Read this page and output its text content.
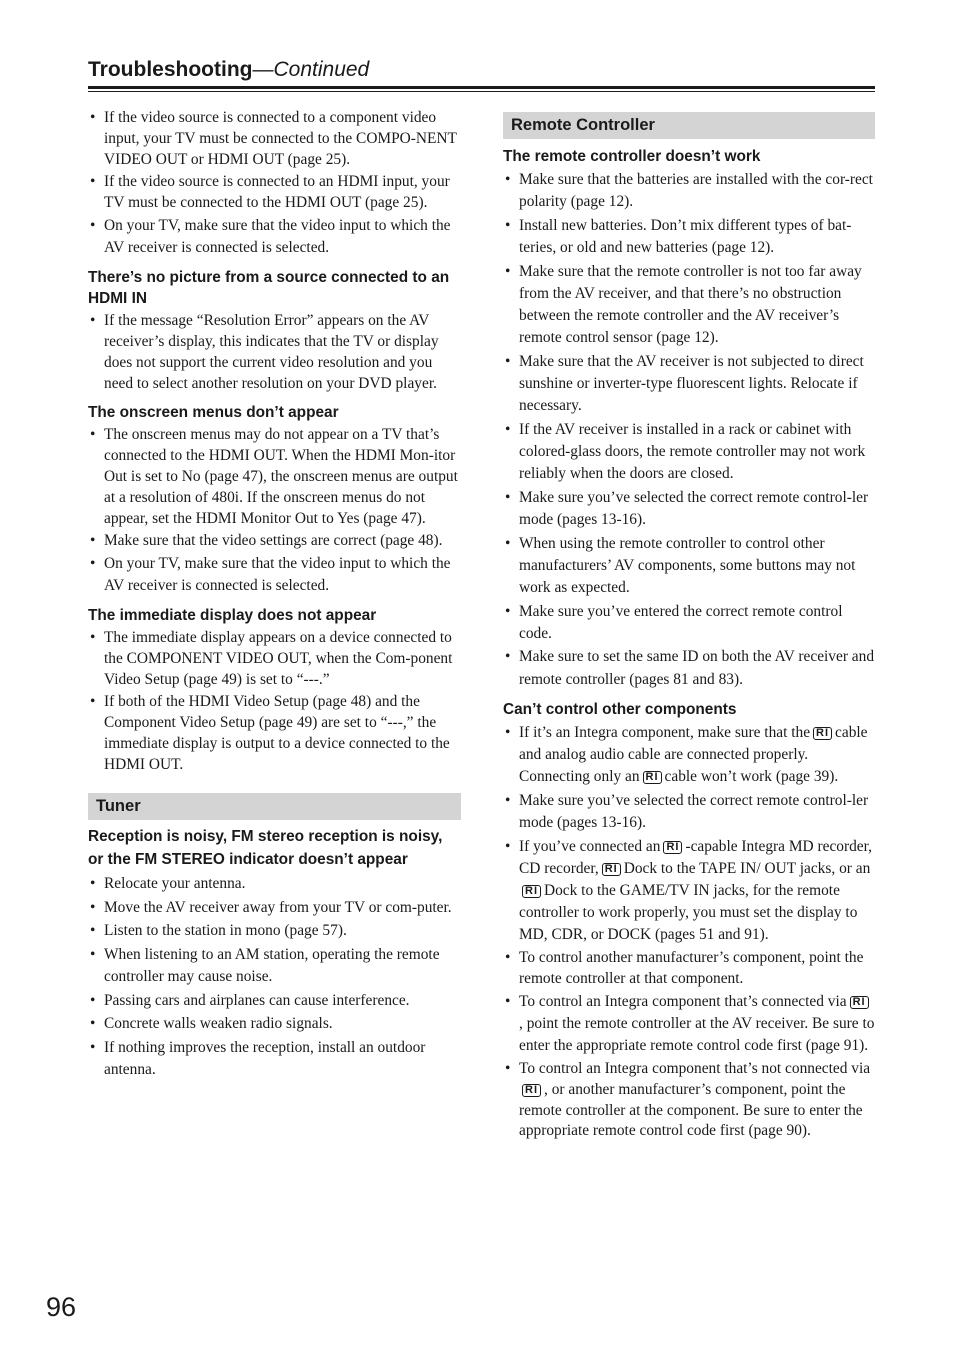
Troubleshooting—Continued
• If the video source is connected to a component video input, your TV must be connected to the COMPO-NENT VIDEO OUT or HDMI OUT (page 25).
• If the video source is connected to an HDMI input, your TV must be connected to the HDMI OUT (page 25).
• On your TV, make sure that the video input to which the AV receiver is connected is selected.
There’s no picture from a source connected to an HDMI IN
• If the message “Resolution Error” appears on the AV receiver’s display, this indicates that the TV or display does not support the current video resolution and you need to select another resolution on your DVD player.
The onscreen menus don’t appear
• The onscreen menus may do not appear on a TV that’s connected to the HDMI OUT. When the HDMI Mon-itor Out is set to No (page 47), the onscreen menus are output at a resolution of 480i. If the onscreen menus do not appear, set the HDMI Monitor Out to Yes (page 47).
• Make sure that the video settings are correct (page 48).
• On your TV, make sure that the video input to which the AV receiver is connected is selected.
The immediate display does not appear
• The immediate display appears on a device connected to the COMPONENT VIDEO OUT, when the Com-ponent Video Setup (page 49) is set to “---.”
• If both of the HDMI Video Setup (page 48) and the Component Video Setup (page 49) are set to “---,” the immediate display is output to a device connected to the HDMI OUT.
Tuner
Reception is noisy, FM stereo reception is noisy, or the FM STEREO indicator doesn’t appear
• Relocate your antenna.
• Move the AV receiver away from your TV or com-puter.
• Listen to the station in mono (page 57).
• When listening to an AM station, operating the remote controller may cause noise.
• Passing cars and airplanes can cause interference.
• Concrete walls weaken radio signals.
• If nothing improves the reception, install an outdoor antenna.
Remote Controller
The remote controller doesn’t work
• Make sure that the batteries are installed with the cor-rect polarity (page 12).
• Install new batteries. Don’t mix different types of bat-teries, or old and new batteries (page 12).
• Make sure that the remote controller is not too far away from the AV receiver, and that there’s no obstruction between the remote controller and the AV receiver’s remote control sensor (page 12).
• Make sure that the AV receiver is not subjected to direct sunshine or inverter-type fluorescent lights. Relocate if necessary.
• If the AV receiver is installed in a rack or cabinet with colored-glass doors, the remote controller may not work reliably when the doors are closed.
• Make sure you’ve selected the correct remote control-ler mode (pages 13-16).
• When using the remote controller to control other manufacturers’ AV components, some buttons may not work as expected.
• Make sure you’ve entered the correct remote control code.
• Make sure to set the same ID on both the AV receiver and remote controller (pages 81 and 83).
Can’t control other components
• If it’s an Integra component, make sure that the RI cable and analog audio cable are connected properly. Connecting only an RI cable won’t work (page 39).
• Make sure you’ve selected the correct remote control-ler mode (pages 13-16).
• If you’ve connected an RI -capable Integra MD recorder, CD recorder, RI Dock to the TAPE IN/ OUT jacks, or anRI Dock to the GAME/TV IN jacks, for the remote controller to work properly, you must set the display to MD, CDR, or DOCK (pages 51 and 91).
• To control another manufacturer’s component, point the remote controller at that component.
• To control an Integra component that’s connected via RI, point the remote controller at the AV receiver. Be sure to enter the appropriate remote control code first (page 91).
• To control an Integra component that’s not connected viaRI , or another manufacturer’s component, point the remote controller at the component. Be sure to enter the appropriate remote control code first (page 90).
96
